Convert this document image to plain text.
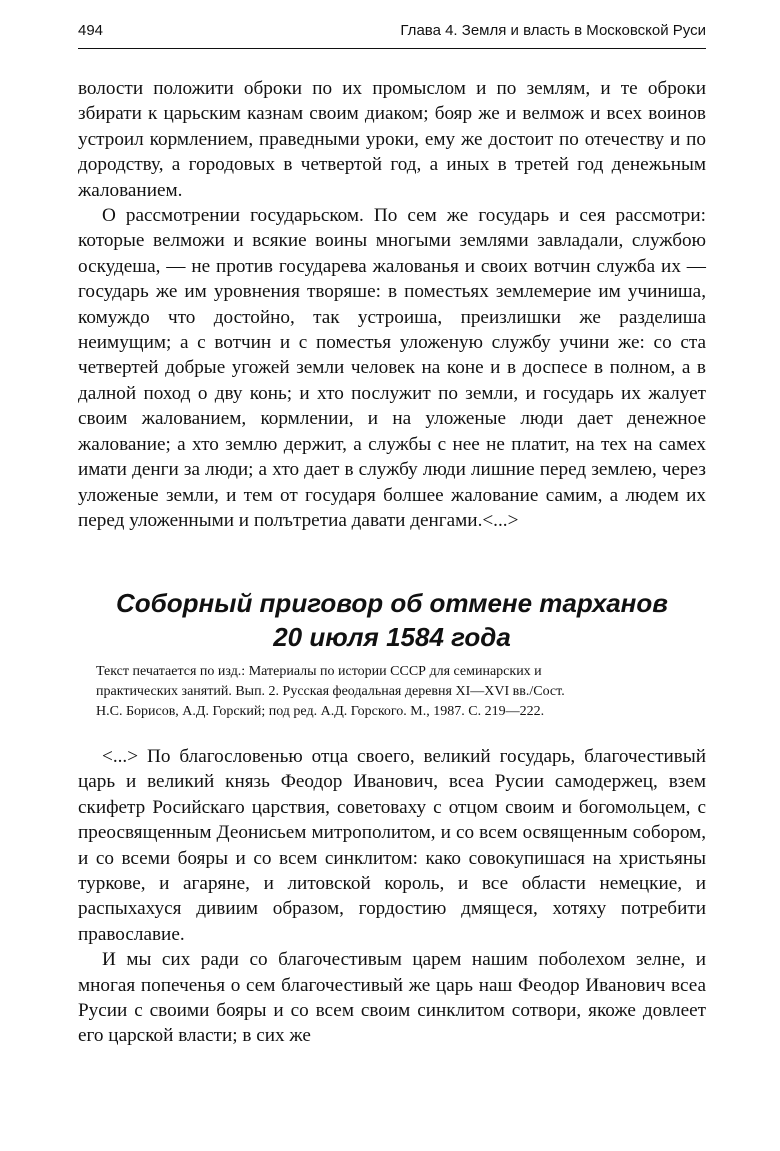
494	Глава 4. Земля и власть в Московской Руси

волости положити оброки по их промыслом и по землям, и те оброки збирати к царьским казнам своим диаком; бояр же и велмож и всех воинов устроил кормлением, праведными уроки, ему же достоит по отечеству и по дородству, а городовых в четвертой год, а иных в третей год денежьным жалованием.

О рассмотрении государьском. По сем же государь и сея рассмотри: которые велможи и всякие воины многыми землями завладали, службою оскудеша, — не против государева жалованья и своих вотчин служба их — государь же им уровнения творяше: в поместьях землемерие им учиниша, комуждо что достойно, так устроиша, преизлишки же разделиша неимущим; а с вотчин и с поместья уложеную службу учини же: со ста четвертей добрые угожей земли человек на коне и в доспесе в полном, а в далной поход о дву конь; и хто послужит по земли, и государь их жалует своим жалованием, кормлении, и на уложеные люди дает денежное жалование; а хто землю держит, а службы с нее не платит, на тех на самех имати денги за люди; а хто дает в службу люди лишние перед землею, через уложеные земли, и тем от государя болшее жалование самим, а людем их перед уложенными и полътретиа давати денгами.<...>

Соборный приговор об отмене тарханов
20 июля 1584 года
Текст печатается по изд.: Материалы по истории СССР для семинарских и
практических занятий. Вып. 2. Русская феодальная деревня XI—XVI вв./Сост.
Н.С. Борисов, А.Д. Горский; под ред. А.Д. Горского. М., 1987. С. 219—222.

<...> По благословенью отца своего, великий государь, благочестивый царь и великий князь Феодор Иванович, всеа Русии самодержец, взем скифетр Росийскаго царствия, советоваху с отцом своим и богомольцем, с преосвященным Деонисьем митрополитом, и со всем освященным собором, и со всеми бояры и со всем синклитом: како совокупишася на христьяны туркове, и агаряне, и литовской король, и все области немецкие, и распыхахуся дивиим образом, гордостию дмящеся, хотяху потребити православие.

И мы сих ради со благочестивым царем нашим поболехом зелне, и многая попеченья о сем благочестивый же царь наш Феодор Иванович всеа Русии с своими бояры и со всем своим синклитом сотвори, якоже довлеет его царской власти; в сих же
